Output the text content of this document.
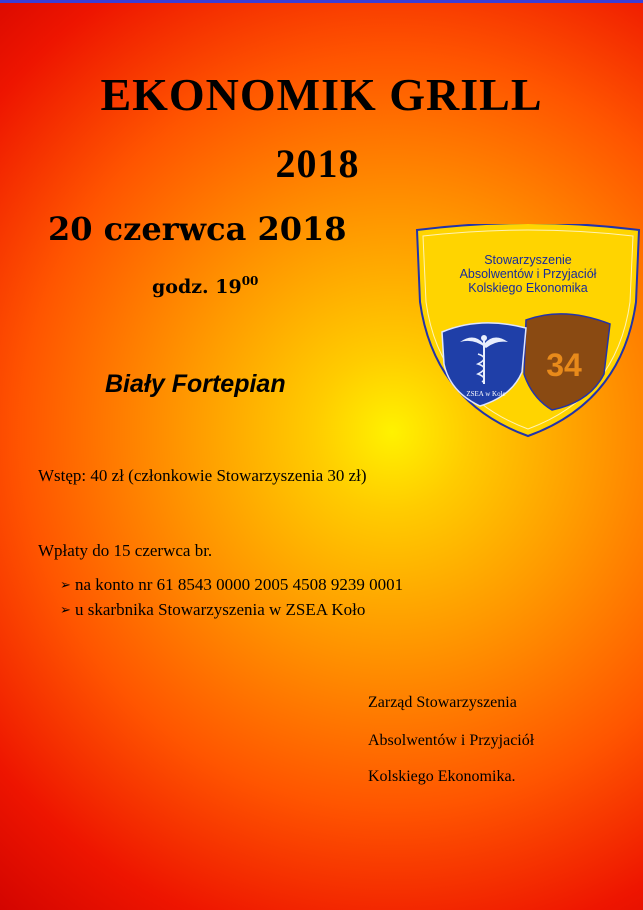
EKONOMIK GRILL
2018

20 czerwca 2018

godz. $19^{00}$

Biały Fortepian

Wstęp: 40 zł (członkowie Stowarzyszenia 30 zł)

Wpłaty do 15 czerwca br.

➢ na konto nr 61 8543 0000 2005 4508 9239 0001
➢ u skarbnika Stowarzyszenia w ZSEA Koło

Zarząd Stowarzyszenia

Absolwentów i Przyjaciół

Kolskiego Ekonomika.

34
ZSEA w Kole

Stowarzyszenie
Absolwentów i Przyjaciół
Kolskiego Ekonomika
